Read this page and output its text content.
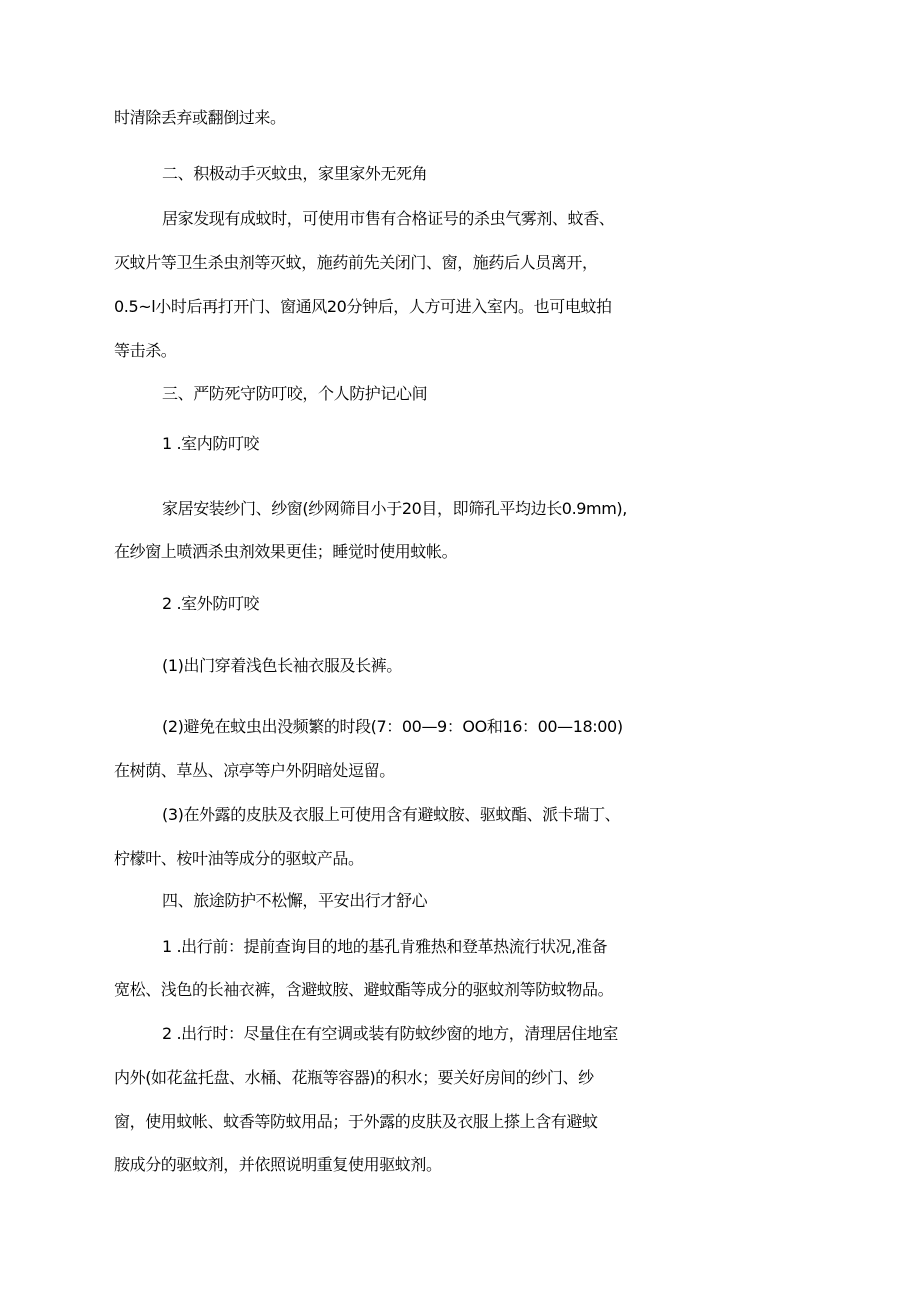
时清除丢弃或翻倒过来。
二、积极动手灭蚊虫，家里家外无死角
居家发现有成蚊时，可使用市售有合格证号的杀虫气雾剂、蚊香、
灭蚊片等卫生杀虫剂等灭蚊，施药前先关闭门、窗，施药后人员离开，
0.5~l小时后再打开门、窗通风20分钟后，人方可进入室内。也可电蚊拍
等击杀。
三、严防死守防叮咬，个人防护记心间
1 .室内防叮咬
家居安装纱门、纱窗(纱网筛目小于20目，即筛孔平均边长0.9mm),
在纱窗上喷洒杀虫剂效果更佳；睡觉时使用蚊帐。
2 .室外防叮咬
(1)出门穿着浅色长袖衣服及长裤。
(2)避免在蚊虫出没频繁的时段(7：00—9：OO和16：00—18:00)
在树荫、草丛、凉亭等户外阴暗处逗留。
(3)在外露的皮肤及衣服上可使用含有避蚊胺、驱蚊酯、派卡瑞丁、
柠檬叶、桉叶油等成分的驱蚊产品。
四、旅途防护不松懈，平安出行才舒心
1 .出行前：提前查询目的地的基孔肯雅热和登革热流行状况,准备
宽松、浅色的长袖衣裤，含避蚊胺、避蚊酯等成分的驱蚊剂等防蚊物品。
2 .出行时：尽量住在有空调或装有防蚊纱窗的地方，清理居住地室
内外(如花盆托盘、水桶、花瓶等容器)的积水；要关好房间的纱门、纱
窗，使用蚊帐、蚊香等防蚊用品；于外露的皮肤及衣服上搽上含有避蚊
胺成分的驱蚊剂，并依照说明重复使用驱蚊剂。
